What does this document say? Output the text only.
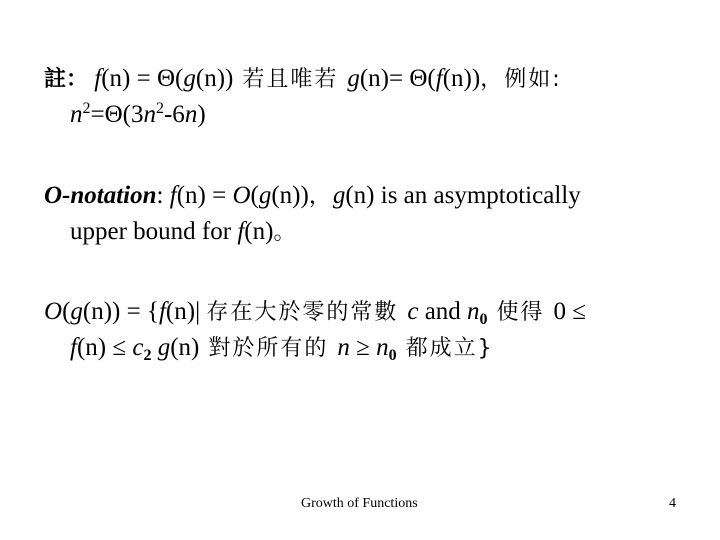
註： f(n) = Θ(g(n)) 若且唯若 g(n)= Θ(f(n))，例如:
$n^2=\Theta(3n^2-6n)$
O-notation: f(n) = O(g(n))，g(n) is an asymptotically
upper bound for f(n)。
O(g(n)) = {f(n)| 存在大於零的常數 c and $n_0$ 使得 0 ≤
$f(n) \le c_2$ g(n) 對於所有的 $n \ge n_0$ 都成立}
Growth of Functions	4
